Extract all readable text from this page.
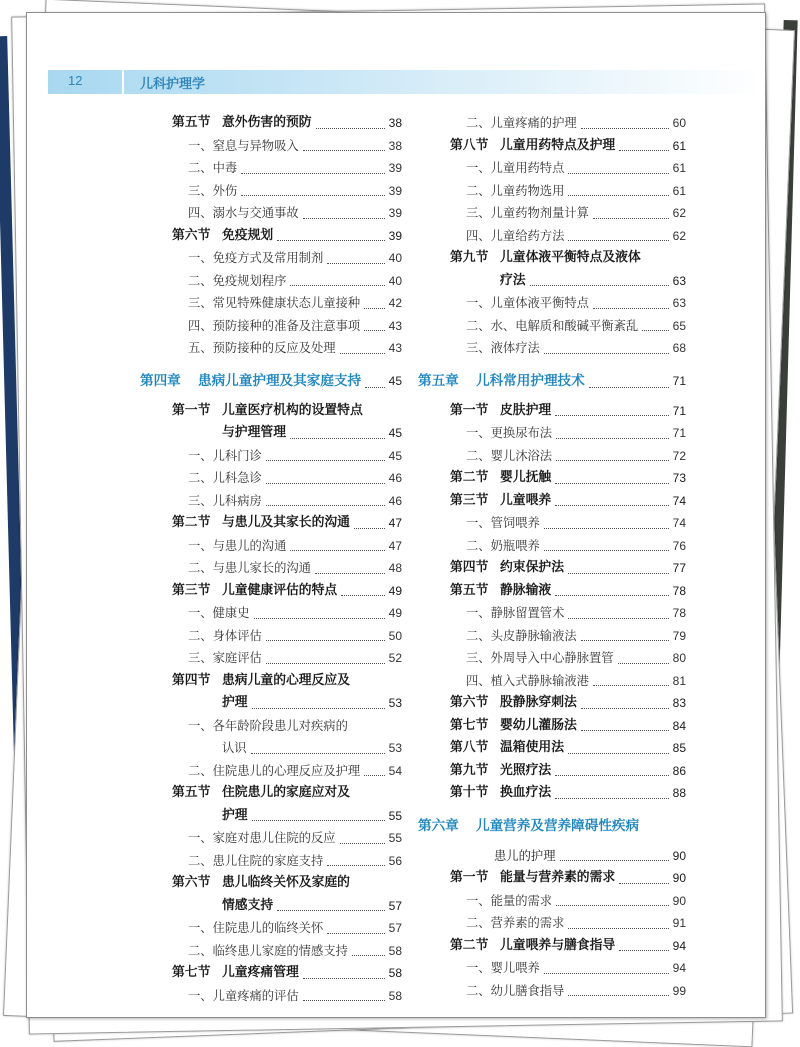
12	儿科护理学
第五节 意外伤害的预防	38
一、窒息与异物吸入	38
二、中毒	39
三、外伤	39
四、溺水与交通事故	39
第六节 免疫规划	39
一、免疫方式及常用制剂	40
二、免疫规划程序	40
三、常见特殊健康状态儿童接种 42
四、预防接种的准备及注意事项 43
五、预防接种的反应及处理	43
第四章	患病儿童护理及其家庭支持 45
第一节 儿童医疗机构的设置特点
与护理管理	45
一、儿科门诊	45
二、儿科急诊	46
三、儿科病房	46
第二节 与患儿及其家长的沟通	47
一、与患儿的沟通	47
二、与患儿家长的沟通	48
第三节 儿童健康评估的特点	49
一、健康史	49
二、身体评估	50
三、家庭评估	52
第四节 患病儿童的心理反应及
护理	53
一、各年龄阶段患儿对疾病的
认识	53
二、住院患儿的心理反应及护理 54
第五节 住院患儿的家庭应对及
护理	55
一、家庭对患儿住院的反应	55
二、患儿住院的家庭支持	56
第六节 患儿临终关怀及家庭的
情感支持	57
一、住院患儿的临终关怀	57
二、临终患儿家庭的情感支持	58
第七节 儿童疼痛管理	58
一、儿童疼痛的评估	58
二、儿童疼痛的护理	60
第八节 儿童用药特点及护理	61
一、儿童用药特点	61
二、儿童药物选用	61
三、儿童药物剂量计算	62
四、儿童给药方法	62
第九节 儿童体液平衡特点及液体
疗法	63
一、儿童体液平衡特点	63
二、水、电解质和酸碱平衡紊乱	65
三、液体疗法	68
第五章	儿科常用护理技术	71
第一节 皮肤护理	71
一、更换尿布法	71
二、婴儿沐浴法	72
第二节 婴儿抚触	73
第三节 儿童喂养	74
一、管饲喂养	74
二、奶瓶喂养	76
第四节 约束保护法	77
第五节 静脉输液	78
一、静脉留置管术	78
二、头皮静脉输液法	79
三、外周导入中心静脉置管	80
四、植入式静脉输液港	81
第六节 股静脉穿刺法	83
第七节 婴幼儿灌肠法	84
第八节 温箱使用法	85
第九节 光照疗法	86
第十节 换血疗法	88
第六章	儿童营养及营养障碍性疾病
患儿的护理	90
第一节 能量与营养素的需求	90
一、能量的需求	90
二、营养素的需求	91
第二节 儿童喂养与膳食指导	94
一、婴儿喂养	94
二、幼儿膳食指导	99
